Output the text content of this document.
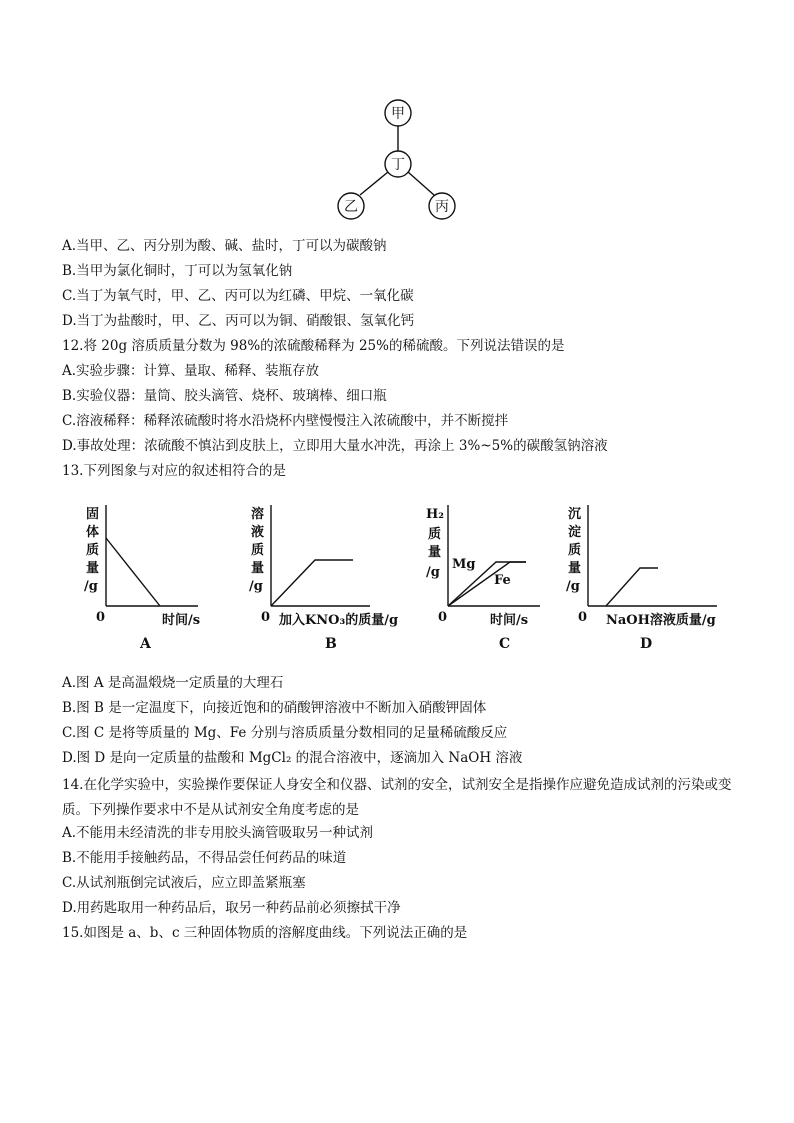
甲
丁
乙	丙
A.当甲、乙、丙分别为酸、碱、盐时，丁可以为碳酸钠
B.当甲为氯化铜时，丁可以为氢氧化钠
C.当丁为氧气时，甲、乙、丙可以为红磷、甲烷、一氧化碳
D.当丁为盐酸时，甲、乙、丙可以为铜、硝酸银、氢氧化钙
12.将 20g 溶质质量分数为 98%的浓硫酸稀释为 25%的稀硫酸。下列说法错误的是
A.实验步骤：计算、量取、稀释、装瓶存放
B.实验仪器：量筒、胶头滴管、烧杯、玻璃棒、细口瓶
C.溶液稀释：稀释浓硫酸时将水沿烧杯内壁慢慢注入浓硫酸中，并不断搅拌
D.事故处理：浓硫酸不慎沾到皮肤上，立即用大量水冲洗，再涂上 3%~5%的碳酸氢钠溶液
13.下列图象与对应的叙述相符合的是
固
体
质
量
/g
0	时间/s
A
溶
液
质
量
/g
0 加入KNO₃的质量/g
B
H₂
质
量
/g
Mg
Fe
0	时间/s
C
沉
淀
质
量
/g
0 NaOH溶液质量/g
D
A.图 A 是高温煅烧一定质量的大理石
B.图 B 是一定温度下，向接近饱和的硝酸钾溶液中不断加入硝酸钾固体
C.图 C 是将等质量的 Mg、Fe 分别与溶质质量分数相同的足量稀硫酸反应
D.图 D 是向一定质量的盐酸和 MgCl₂ 的混合溶液中，逐滴加入 NaOH 溶液
14.在化学实验中，实验操作要保证人身安全和仪器、试剂的安全，试剂安全是指操作应避免造成试剂的污染或变质。下列操作要求中不是从试剂安全角度考虑的是
A.不能用未经清洗的非专用胶头滴管吸取另一种试剂
B.不能用手接触药品，不得品尝任何药品的味道
C.从试剂瓶倒完试液后，应立即盖紧瓶塞
D.用药匙取用一种药品后，取另一种药品前必须擦拭干净
15.如图是 a、b、c 三种固体物质的溶解度曲线。下列说法正确的是
